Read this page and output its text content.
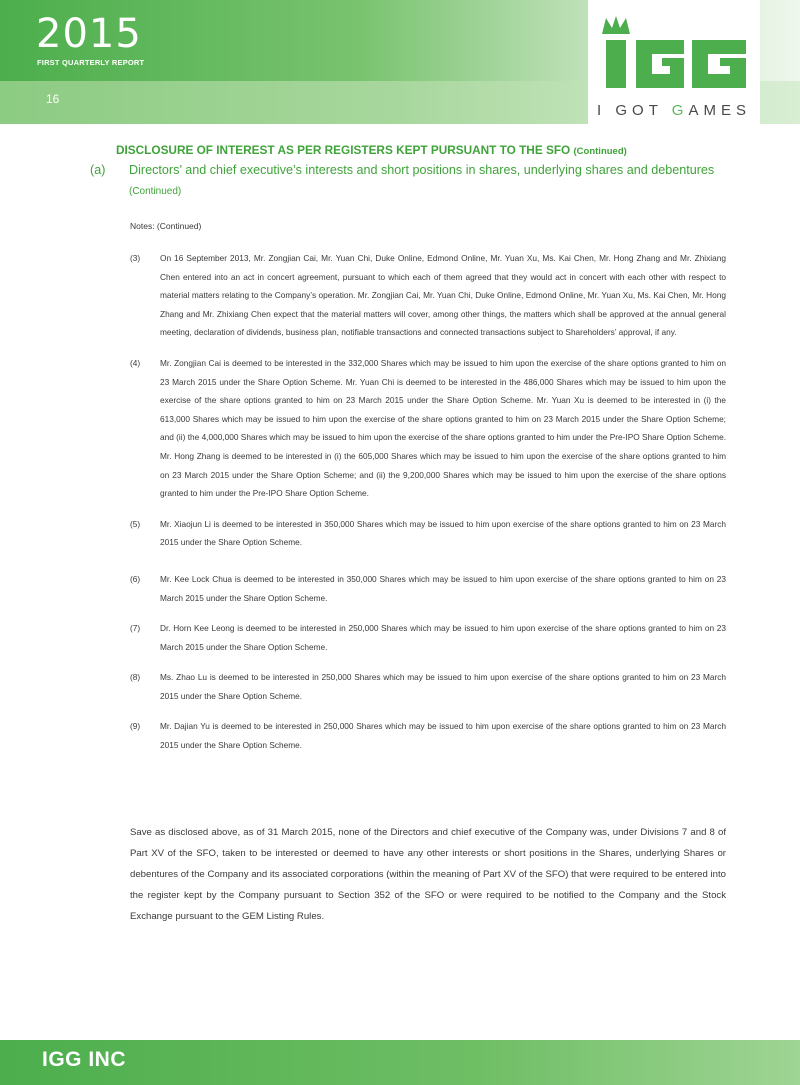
2015
FIRST QUARTERLY REPORT
16
I GOT GAMES
DISCLOSURE OF INTEREST AS PER REGISTERS KEPT PURSUANT TO THE SFO (Continued)
(a) Directors’ and chief executive’s interests and short positions in shares, underlying shares and debentures
(Continued)
Notes: (Continued)
(3) On 16 September 2013, Mr. Zongjian Cai, Mr. Yuan Chi, Duke Online, Edmond Online, Mr. Yuan Xu, Ms. Kai Chen, Mr. Hong Zhang and Mr. Zhixiang Chen entered into an act in concert agreement, pursuant to which each of them agreed that they would act in concert with each other with respect to material matters relating to the Company’s operation. Mr. Zongjian Cai, Mr. Yuan Chi, Duke Online, Edmond Online, Mr. Yuan Xu, Ms. Kai Chen, Mr. Hong Zhang and Mr. Zhixiang Chen expect that the material matters will cover, among other things, the matters which shall be approved at the annual general meeting, declaration of dividends, business plan, notifiable transactions and connected transactions subject to Shareholders’ approval, if any.
(4) Mr. Zongjian Cai is deemed to be interested in the 332,000 Shares which may be issued to him upon the exercise of the share options granted to him on 23 March 2015 under the Share Option Scheme. Mr. Yuan Chi is deemed to be interested in the 486,000 Shares which may be issued to him upon the exercise of the share options granted to him on 23 March 2015 under the Share Option Scheme. Mr. Yuan Xu is deemed to be interested in (i) the 613,000 Shares which may be issued to him upon the exercise of the share options granted to him on 23 March 2015 under the Share Option Scheme; and (ii) the 4,000,000 Shares which may be issued to him upon the exercise of the share options granted to him under the Pre-IPO Share Option Scheme. Mr. Hong Zhang is deemed to be interested in (i) the 605,000 Shares which may be issued to him upon the exercise of the share options granted to him on 23 March 2015 under the Share Option Scheme; and (ii) the 9,200,000 Shares which may be issued to him upon the exercise of the share options granted to him under the Pre-IPO Share Option Scheme.
(5) Mr. Xiaojun Li is deemed to be interested in 350,000 Shares which may be issued to him upon exercise of the share options granted to him on 23 March 2015 under the Share Option Scheme.
(6) Mr. Kee Lock Chua is deemed to be interested in 350,000 Shares which may be issued to him upon exercise of the share options granted to him on 23 March 2015 under the Share Option Scheme.
(7) Dr. Horn Kee Leong is deemed to be interested in 250,000 Shares which may be issued to him upon exercise of the share options granted to him on 23 March 2015 under the Share Option Scheme.
(8) Ms. Zhao Lu is deemed to be interested in 250,000 Shares which may be issued to him upon exercise of the share options granted to him on 23 March 2015 under the Share Option Scheme.
(9) Mr. Dajian Yu is deemed to be interested in 250,000 Shares which may be issued to him upon exercise of the share options granted to him on 23 March 2015 under the Share Option Scheme.
Save as disclosed above, as of 31 March 2015, none of the Directors and chief executive of the Company was, under Divisions 7 and 8 of Part XV of the SFO, taken to be interested or deemed to have any other interests or short positions in the Shares, underlying Shares or debentures of the Company and its associated corporations (within the meaning of Part XV of the SFO) that were required to be entered into the register kept by the Company pursuant to Section 352 of the SFO or were required to be notified to the Company and the Stock Exchange pursuant to the GEM Listing Rules.
IGG INC
